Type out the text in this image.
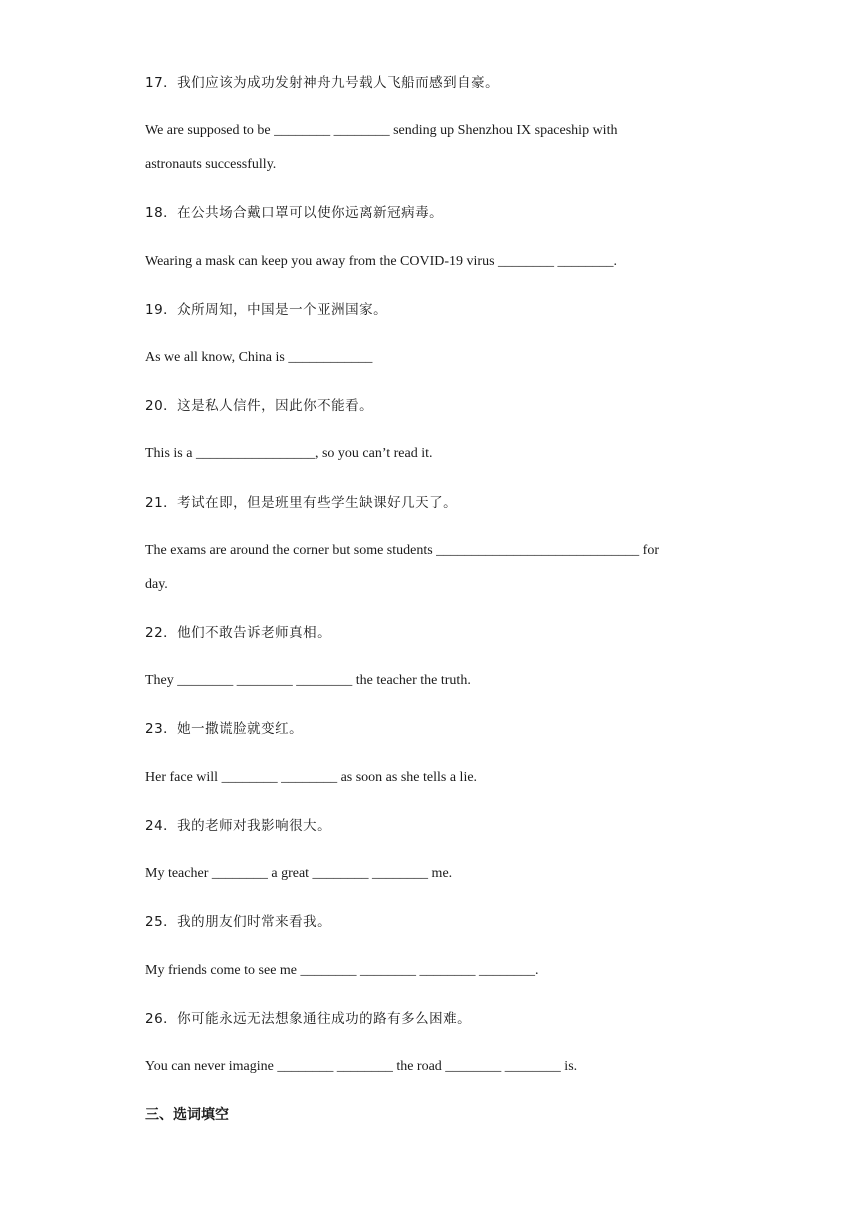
17．我们应该为成功发射神舟九号载人飞船而感到自豪。
We are supposed to be ________ ________ sending up Shenzhou IX spaceship with
astronauts successfully.
18．在公共场合戴口罩可以使你远离新冠病毒。
Wearing a mask can keep you away from the COVID-19 virus ________ ________.
19．众所周知，中国是一个亚洲国家。
As we all know, China is ____________
20．这是私人信件，因此你不能看。
This is a _________________, so you can’t read it.
21．考试在即，但是班里有些学生缺课好几天了。
The exams are around the corner but some students _____________________________ for
day.
22．他们不敢告诉老师真相。
They ________ ________ ________ the teacher the truth.
23．她一撒谎脸就变红。
Her face will ________ ________ as soon as she tells a lie.
24．我的老师对我影响很大。
My teacher ________ a great ________ ________ me.
25．我的朋友们时常来看我。
My friends come to see me ________ ________ ________ ________.
26．你可能永远无法想象通往成功的路有多么困难。
You can never imagine ________ ________ the road ________ ________ is.
三、选词填空
